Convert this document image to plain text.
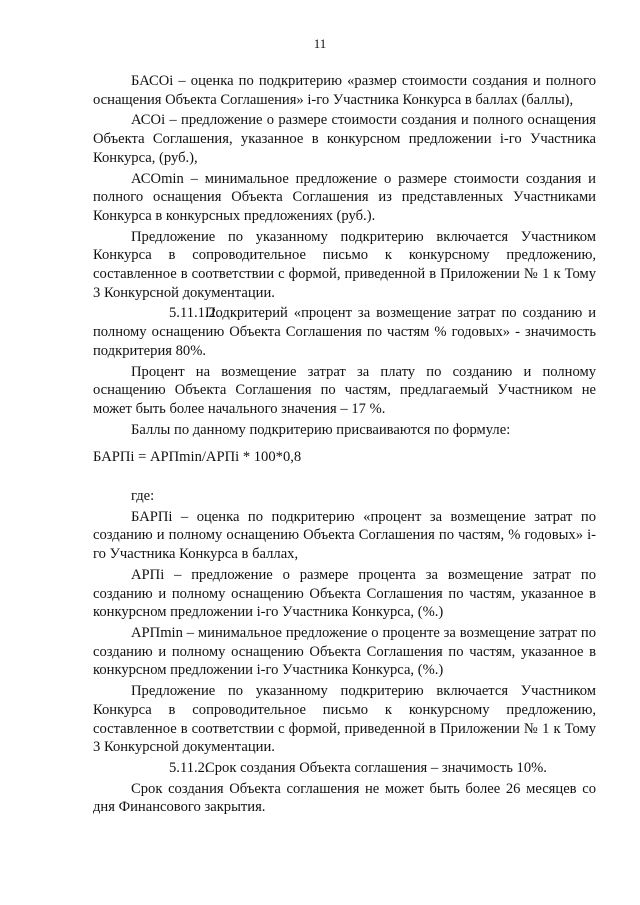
11

БАСОi – оценка по подкритерию «размер стоимости создания и полного оснащения Объекта Соглашения» i-го Участника Конкурса в баллах (баллы),

АСОi – предложение о размере стоимости создания и полного оснащения Объекта Соглашения, указанное в конкурсном предложении i-го Участника Конкурса, (руб.),

АСОmin – минимальное предложение о размере стоимости создания и полного оснащения Объекта Соглашения из представленных Участниками Конкурса в конкурсных предложениях (руб.).

Предложение по указанному подкритерию включается Участником Конкурса в сопроводительное письмо к конкурсному предложению, составленное в соответствии с формой, приведенной в Приложении № 1 к Тому 3 Конкурсной документации.

5.11.1.2.Подкритерий «процент за возмещение затрат по созданию и полному оснащению Объекта Соглашения по частям % годовых» - значимость подкритерия 80%.

Процент на возмещение затрат за плату по созданию и полному оснащению Объекта Соглашения по частям, предлагаемый Участником не может быть более начального значения – 17 %.

Баллы по данному подкритерию присваиваются по формуле:

БАРПi = АРПmin/АРПi * 100*0,8

где:

БАРПi – оценка по подкритерию «процент за возмещение затрат по созданию и полному оснащению Объекта Соглашения по частям, % годовых» i-го Участника Конкурса в баллах,

АРПi – предложение о размере процента за возмещение затрат по созданию и полному оснащению Объекта Соглашения по частям, указанное в конкурсном предложении i-го Участника Конкурса, (%.)

АРПmin – минимальное предложение о проценте за возмещение затрат по созданию и полному оснащению Объекта Соглашения по частям, указанное в конкурсном предложении i-го Участника Конкурса, (%.)

Предложение по указанному подкритерию включается Участником Конкурса в сопроводительное письмо к конкурсному предложению, составленное в соответствии с формой, приведенной в Приложении № 1 к Тому 3 Конкурсной документации.

5.11.2.Срок создания Объекта соглашения – значимость 10%.

Срок создания Объекта соглашения не может быть более 26 месяцев со дня Финансового закрытия.
